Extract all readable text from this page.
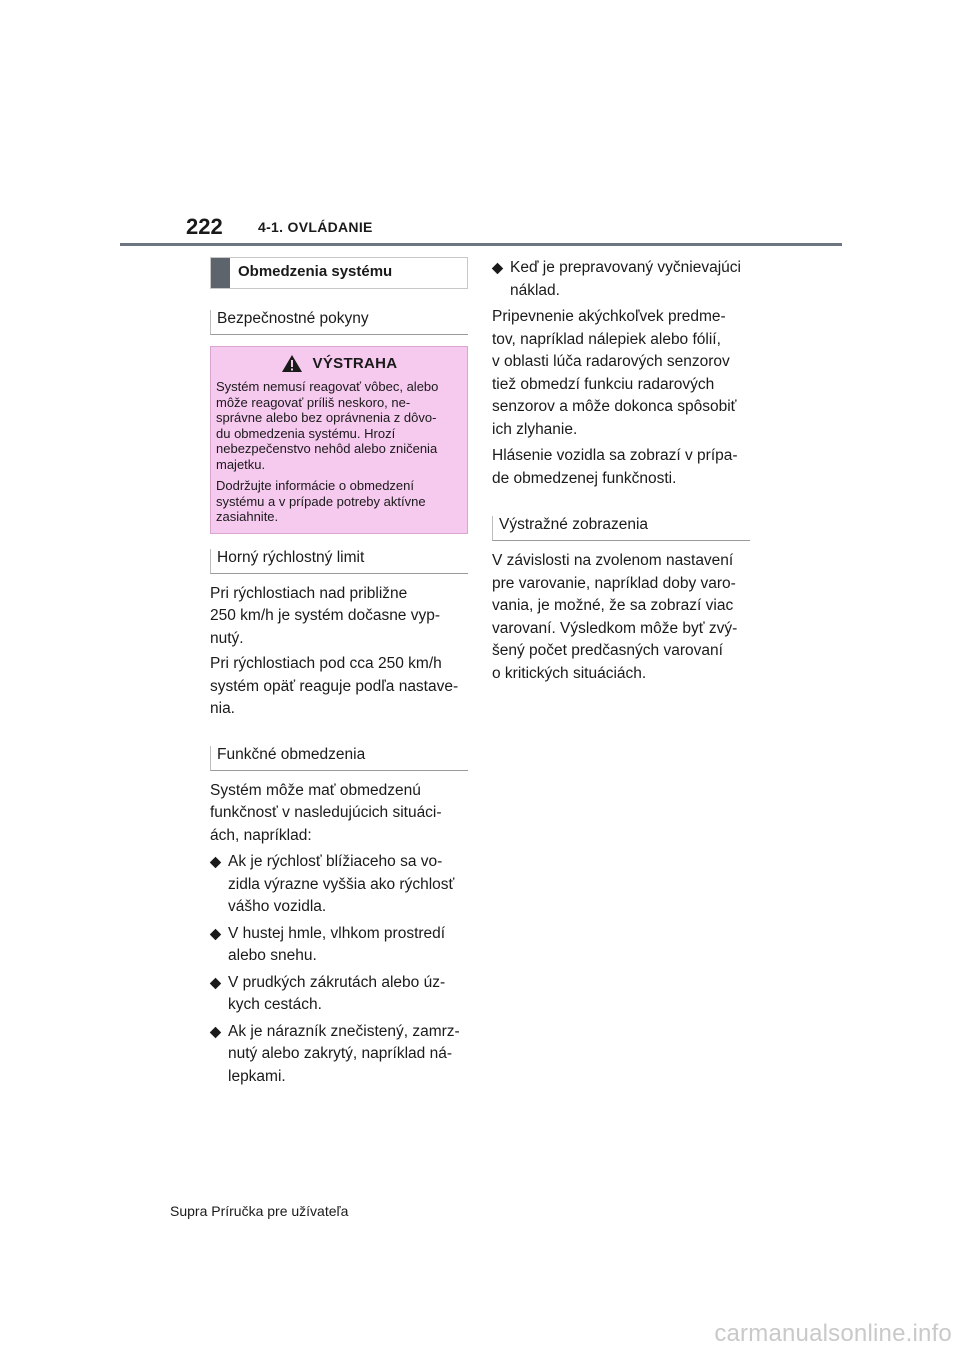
222	4-1. OVLÁDANIE
Obmedzenia systému
Bezpečnostné pokyny
VÝSTRAHA

Systém nemusí reagovať vôbec, alebo
môže reagovať príliš neskoro, ne-
správne alebo bez oprávnenia z dôvo-
du obmedzenia systému. Hrozí
nebezpečenstvo nehôd alebo zničenia
majetku.

Dodržujte informácie o obmedzení
systému a v prípade potreby aktívne
zasiahnite.

Horný rýchlostný limit

Pri rýchlostiach nad približne
250 km/h je systém dočasne vyp-
nutý.

Pri rýchlostiach pod cca 250 km/h
systém opäť reaguje podľa nastave-
nia.

Funkčné obmedzenia

Systém môže mať obmedzenú
funkčnosť v nasledujúcich situáci-
ách, napríklad:

Ak je rýchlosť blížiaceho sa vo-
zidla výrazne vyššia ako rýchlosť
vášho vozidla.
V hustej hmle, vlhkom prostredí
alebo snehu.
V prudkých zákrutách alebo úz-
kych cestách.
Ak je nárazník znečistený, zamrz-
nutý alebo zakrytý, napríklad ná-
lepkami.
Keď je prepravovaný vyčnievajúci
náklad.

Pripevnenie akýchkoľvek predme-
tov, napríklad nálepiek alebo fólií,
v oblasti lúča radarových senzorov
tiež obmedzí funkciu radarových
senzorov a môže dokonca spôsobiť
ich zlyhanie.

Hlásenie vozidla sa zobrazí v prípa-
de obmedzenej funkčnosti.

Výstražné zobrazenia

V závislosti na zvolenom nastavení
pre varovanie, napríklad doby varo-
vania, je možné, že sa zobrazí viac
varovaní. Výsledkom môže byť zvý-
šený počet predčasných varovaní
o kritických situáciách.

Supra Príručka pre užívateľa
carmanualsonline.info
